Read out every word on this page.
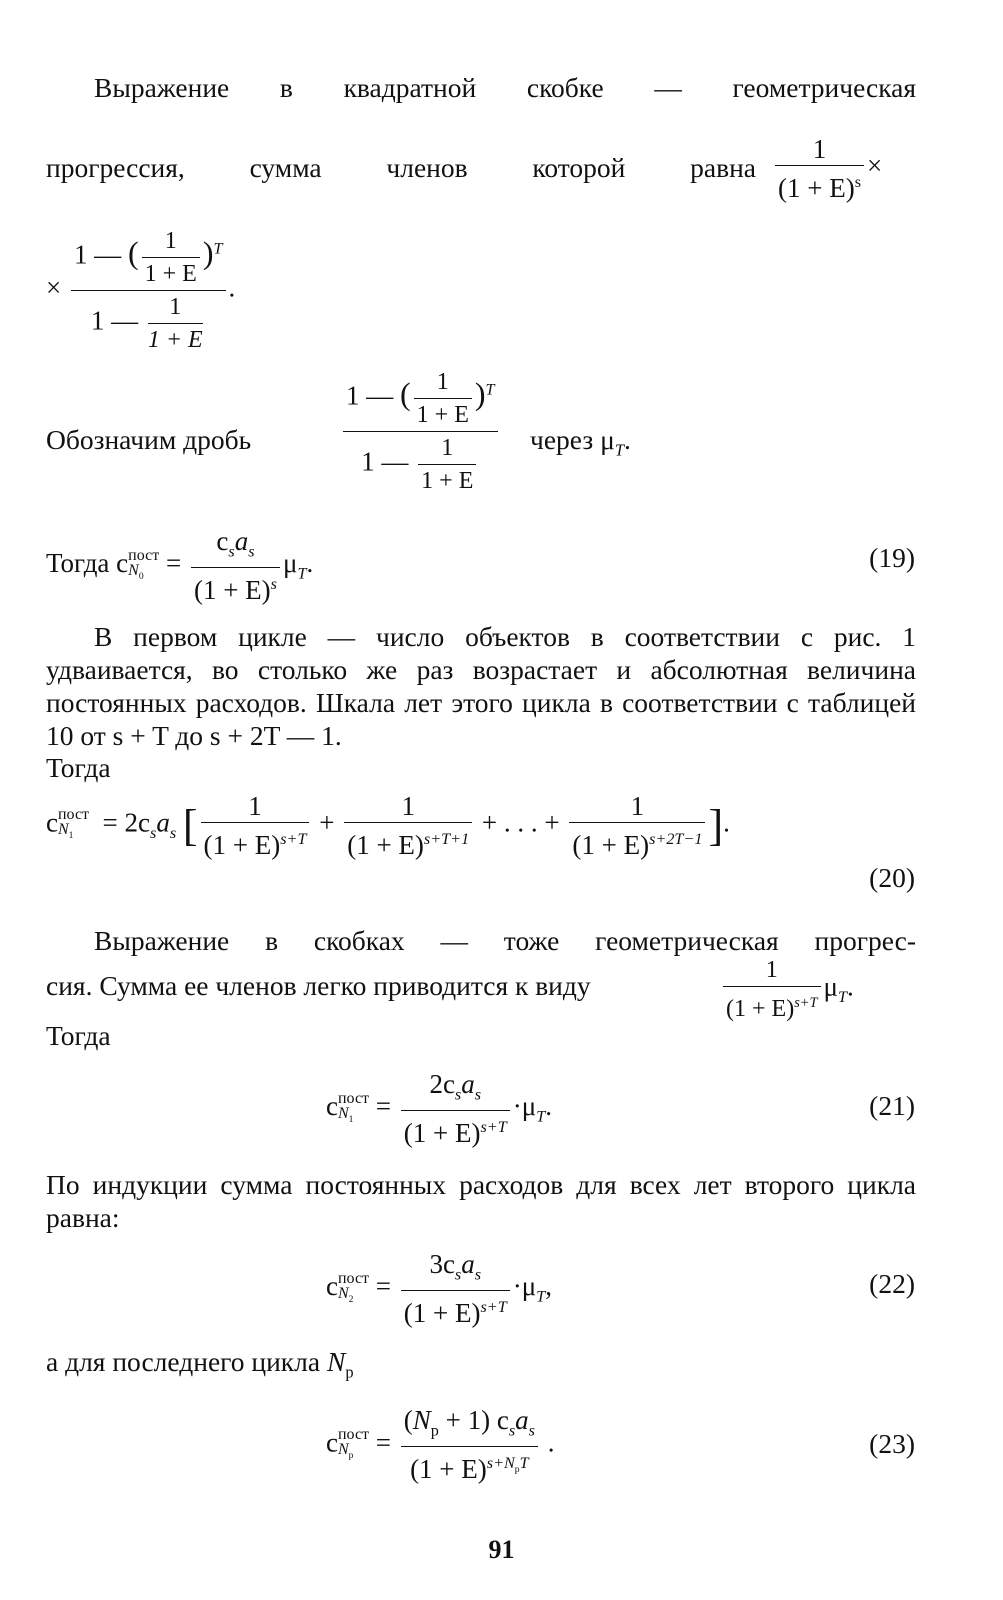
Выражение в квадратной скобке — геометрическая
прогрессия, сумма членов которой равна $\frac{1}{(1 + E)^s}$ ×
× $\frac{1 — ( \frac{1}{1 + E} )^T}{1 — \frac{1}{1 + E}}$ .
Обозначим дробь	$\frac{1 — ( \frac{1}{1 + E} )^T}{1 — \frac{1}{1 + E}}$ через $\mu_T$.
Тогда c пост
$N_0 = \frac{c_sa_s}{(1 + E)^s} \mu_T$.	(19)
В первом цикле — число объектов в соответствии с рис. 1 удваивается, во столько же раз возрастает и абсолютная величина постоянных расходов. Шкала лет этого цикла в соответствии с таблицей 10 от s + T до s + 2T — 1.
Тогда
c пост
$N_1$	= $2c_sa_s$ [ $\frac{1}{(1 + E)^{s+T}} + \frac{1}{(1 + E)^{s+T+1}}$ + . . . + $\frac{1}{(1 + E)^{s+2T-1}}$ ].
(20)
Выражение в скобках — тоже геометрическая прогрес-
сия. Сумма ее членов легко приводится к виду	$\frac{1}{(1 + E)^{s+T}} \mu_T$.
Тогда
c пост
$N_1 = \frac{2c_sa_s}{(1 + E)^{s+T}} \cdot\mu_T$.	(21)
По индукции сумма постоянных расходов для всех лет второго цикла равна:
c пост
$N_2 = \frac{3c_sa_s}{(1 + E)^{s+T}} \cdot\mu_T$,	(22)
а для последнего цикла $N_p$
c пост
$N_p = \frac{(N_p + 1) c_sa_s}{(1 + E)^{s+N_pT}}$ .	(23)
91
